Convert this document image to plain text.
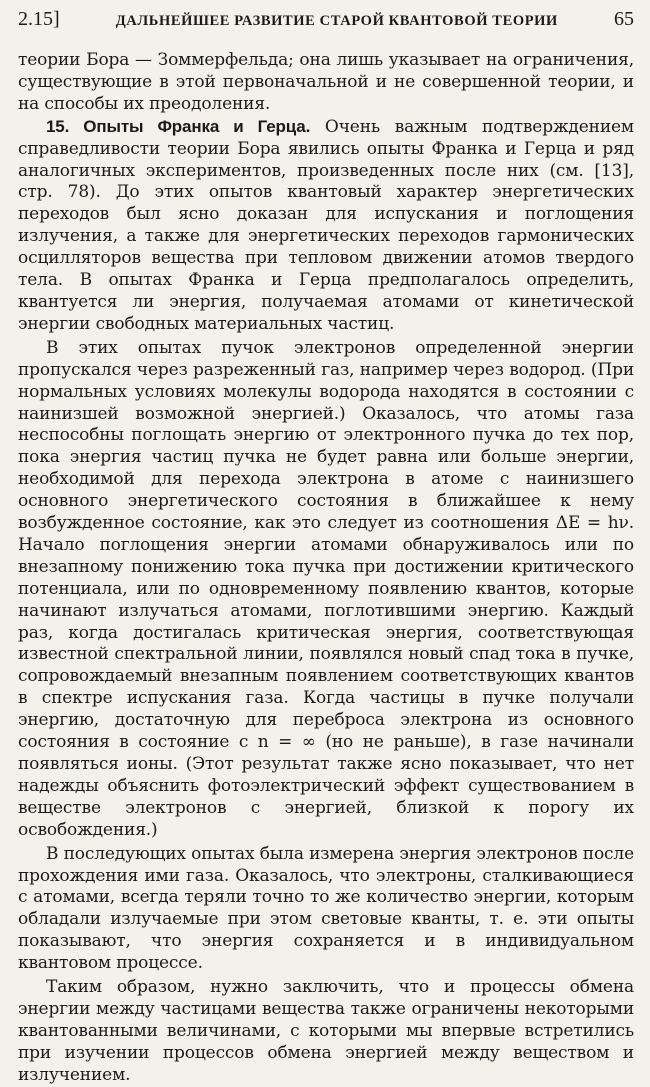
2.15]	ДАЛЬНЕЙШЕЕ РАЗВИТИЕ СТАРОЙ КВАНТОВОЙ ТЕОРИИ	65

теории Бора — Зоммерфельда; она лишь указывает на ограничения, существующие в этой первоначальной и не совершенной теории, и на способы их преодоления.

15. Опыты Франка и Герца. Очень важным подтверждением справедливости теории Бора явились опыты Франка и Герца и ряд аналогичных экспериментов, произведенных после них (см. [13], стр. 78). До этих опытов квантовый характер энергетических переходов был ясно доказан для испускания и поглощения излучения, а также для энергетических переходов гармонических осцилляторов вещества при тепловом движении атомов твердого тела. В опытах Франка и Герца предполагалось определить, квантуется ли энергия, получаемая атомами от кинетической энергии свободных материальных частиц.

В этих опытах пучок электронов определенной энергии пропускался через разреженный газ, например через водород. (При нормальных условиях молекулы водорода находятся в состоянии с наинизшей возможной энергией.) Оказалось, что атомы газа неспособны поглощать энергию от электронного пучка до тех пор, пока энергия частиц пучка не будет равна или больше энергии, необходимой для перехода электрона в атоме с наинизшего основного энергетического состояния в ближайшее к нему возбужденное состояние, как это следует из соотношения ΔE = hν. Начало поглощения энергии атомами обнаруживалось или по внезапному понижению тока пучка при достижении критического потенциала, или по одновременному появлению квантов, которые начинают излучаться атомами, поглотившими энергию. Каждый раз, когда достигалась критическая энергия, соответствующая известной спектральной линии, появлялся новый спад тока в пучке, сопровождаемый внезапным появлением соответствующих квантов в спектре испускания газа. Когда частицы в пучке получали энергию, достаточную для переброса электрона из основного состояния в состояние с n = ∞ (но не раньше), в газе начинали появляться ионы. (Этот результат также ясно показывает, что нет надежды объяснить фотоэлектрический эффект существованием в веществе электронов с энергией, близкой к порогу их освобождения.)

В последующих опытах была измерена энергия электронов после прохождения ими газа. Оказалось, что электроны, сталкивающиеся с атомами, всегда теряли точно то же количество энергии, которым обладали излучаемые при этом световые кванты, т. е. эти опыты показывают, что энергия сохраняется и в индивидуальном квантовом процессе.

Таким образом, нужно заключить, что и процессы обмена энергии между частицами вещества также ограничены некоторыми квантованными величинами, с которыми мы впервые встретились при изучении процессов обмена энергией между веществом и излучением.
